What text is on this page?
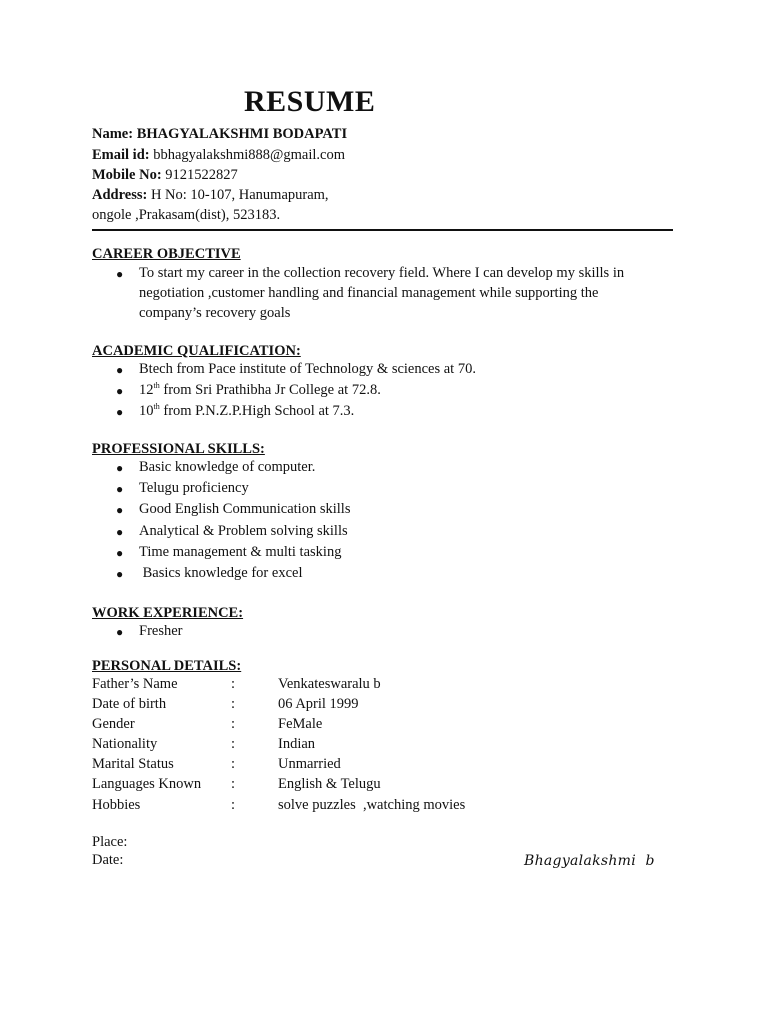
RESUME
Name: BHAGYALAKSHMI BODAPATI
Email id: bbhagyalakshmi888@gmail.com
Mobile No: 9121522827
Address: H No: 10-107, Hanumapuram,
ongole ,Prakasam(dist), 523183.
CAREER OBJECTIVE
● To start my career in the collection recovery field. Where I can develop my skills in
negotiation ,customer handling and financial management while supporting the
company’s recovery goals
ACADEMIC QUALIFICATION:
● Btech from Pace institute of Technology & sciences at 70.
● 12th from Sri Prathibha Jr College at 72.8.
● 10th from P.N.Z.P.High School at 7.3.
PROFESSIONAL SKILLS:
● Basic knowledge of computer.
● Telugu proficiency
● Good English Communication skills
● Analytical & Problem solving skills
● Time management & multi tasking
● Basics knowledge for excel
WORK EXPERIENCE:
● Fresher
PERSONAL DETAILS:
Father’s Name	:	Venkateswaralu b
Date of birth	:	06 April 1999
Gender	:	FeMale
Nationality	:	Indian
Marital Status	:	Unmarried
Languages Known :	English & Telugu
Hobbies	:	solve puzzles  ,watching movies
Place:
Date:	Bhagyalakshmi  b
